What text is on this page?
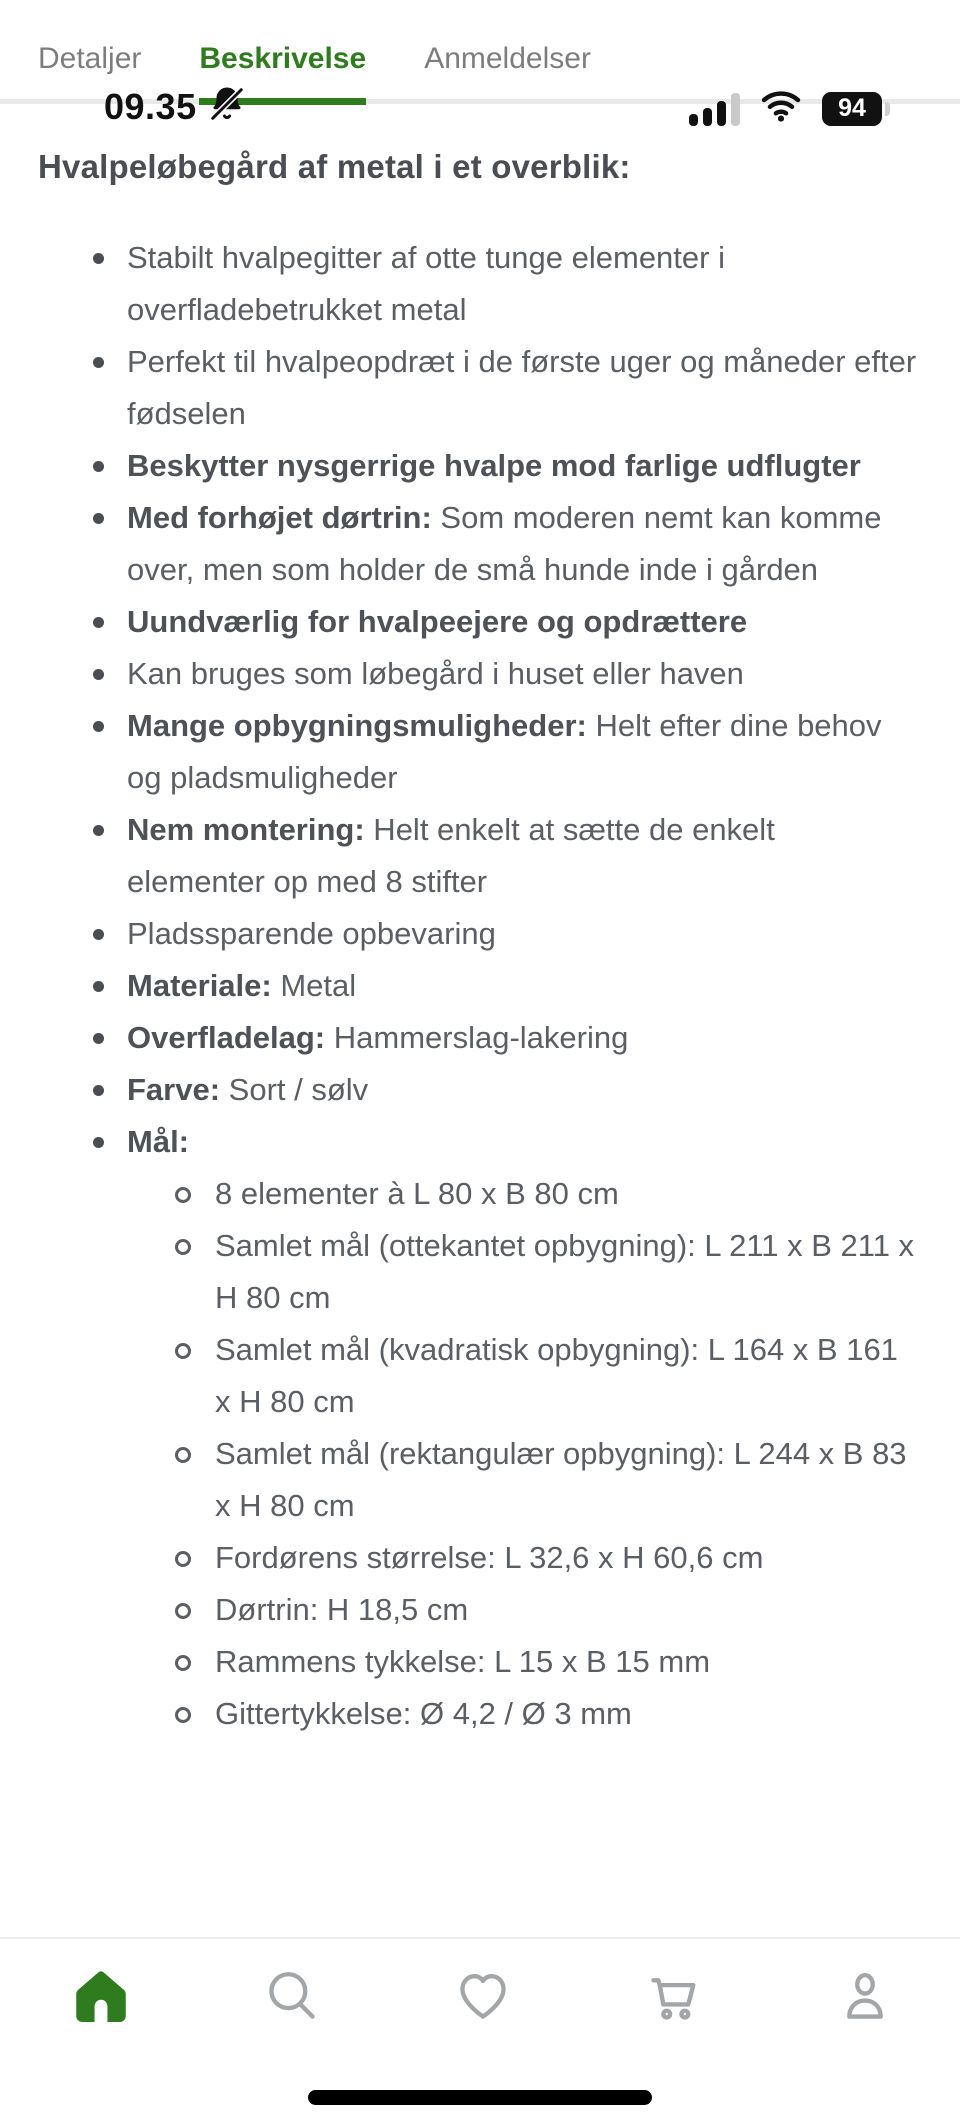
09.35	94
Detaljer Beskrivelse Anmeldelser
Hvalpeløbegård af metal i et overblik:
Stabilt hvalpegitter af otte tunge elementer i overfladebetrukket metal
Perfekt til hvalpeopdræt i de første uger og måneder efter fødselen
Beskytter nysgerrige hvalpe mod farlige udflugter
Med forhøjet dørtrin: Som moderen nemt kan komme over, men som holder de små hunde inde i gården
Uundværlig for hvalpeejere og opdrættere
Kan bruges som løbegård i huset eller haven
Mange opbygningsmuligheder: Helt efter dine behov og pladsmuligheder
Nem montering: Helt enkelt at sætte de enkelt elementer op med 8 stifter
Pladssparende opbevaring
Materiale: Metal
Overfladelag: Hammerslag-lakering
Farve: Sort / sølv
Mål:
8 elementer à L 80 x B 80 cm
Samlet mål (ottekantet opbygning): L 211 x B 211 x H 80 cm
Samlet mål (kvadratisk opbygning): L 164 x B 161 x H 80 cm
Samlet mål (rektangulær opbygning): L 244 x B 83 x H 80 cm
Fordørens størrelse: L 32,6 x H 60,6 cm
Dørtrin: H 18,5 cm
Rammens tykkelse: L 15 x B 15 mm
Gittertykkelse: Ø 4,2 / Ø 3 mm
